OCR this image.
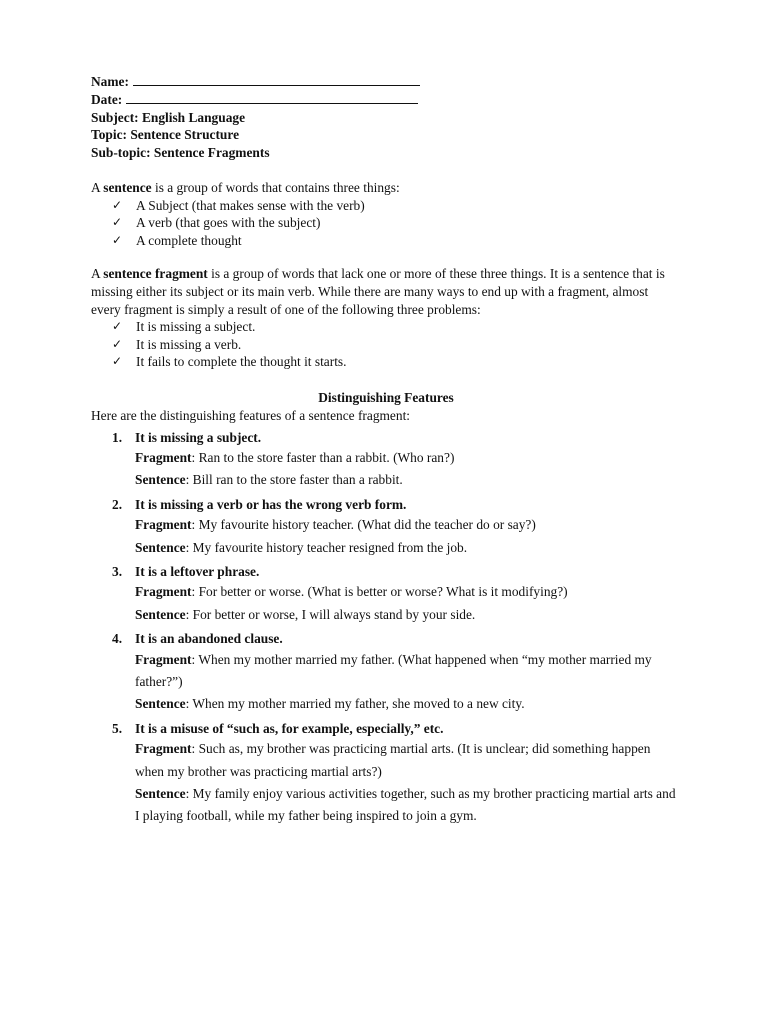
Name:
Date:
Subject: English Language
Topic: Sentence Structure
Sub-topic: Sentence Fragments

A sentence is a group of words that contains three things:

✓ A Subject (that makes sense with the verb)
✓ A verb (that goes with the subject)
✓ A complete thought

A sentence fragment is a group of words that lack one or more of these three things. It is a sentence that is missing either its subject or its main verb. While there are many ways to end up with a fragment, almost every fragment is simply a result of one of the following three problems:

✓ It is missing a subject.
✓ It is missing a verb.
✓ It fails to complete the thought it starts.
Distinguishing Features

Here are the distinguishing features of a sentence fragment:

1. It is missing a subject.
Fragment: Ran to the store faster than a rabbit. (Who ran?)
Sentence: Bill ran to the store faster than a rabbit.
2. It is missing a verb or has the wrong verb form.
Fragment: My favourite history teacher. (What did the teacher do or say?)
Sentence: My favourite history teacher resigned from the job.
3. It is a leftover phrase.
Fragment: For better or worse. (What is better or worse? What is it modifying?)
Sentence: For better or worse, I will always stand by your side.
4. It is an abandoned clause.
Fragment: When my mother married my father. (What happened when “my mother married my father?”)
Sentence: When my mother married my father, she moved to a new city.
5. It is a misuse of “such as, for example, especially,” etc.
Fragment: Such as, my brother was practicing martial arts. (It is unclear; did something happen when my brother was practicing martial arts?)
Sentence: My family enjoy various activities together, such as my brother practicing martial arts and I playing football, while my father being inspired to join a gym.
